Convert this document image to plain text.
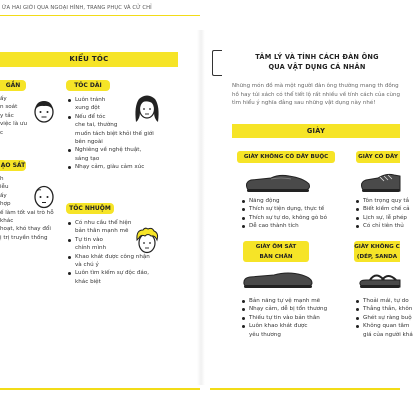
ỮA HAI GIỚI QUA NGOẠI HÌNH, TRANG PHỤC VÀ CỬ CHỈ
KIỂU TÓC
GẮN
ấy
n soát
y tắc
việc là ưu
c
ẠO SÁT
h
iễu
ấy
hợp
ế làm tốt vai trò hỗ
khác
hoạt, khó thay đổi
ị trị truyền thống
TÓC DÀI
Luôn tránh
xung đột
Nếu để tóc
che tai, thường
muốn tách biệt khỏi thế giới
bên ngoài
Nghiêng về nghệ thuật,
sáng tạo
Nhạy cảm, giàu cảm xúc
TÓC NHUỘM
Có nhu cầu thể hiện
bản thân mạnh mẽ
Tự tin vào
chính mình
Khao khát được công nhận
và chú ý
Luôn tìm kiếm sự độc đáo,
khác biệt
TÂM LÝ VÀ TÍNH CÁCH ĐÀN ÔNG
QUA VẬT DỤNG CÁ NHÂN
Những món đồ mà một người đàn ông thường mang th đồng hồ hay túi xách có thể tiết lộ rất nhiều về tính cách của cùng tìm hiểu ý nghĩa đằng sau những vật dụng này nhé!
GIÀY
GIÀY KHÔNG CÓ DÂY BUỘC
Năng động
Thích sự tiện dụng, thực tế
Thích sự tự do, không gò bó
Dễ cao thành tích
GIÀY CÓ DÂY
Tôn trọng quy tắ
Biết kiềm chế cả
Lịch sự, lễ phép
Có chỉ tiên thủ
GIÀY ÔM SÁT
BÀN CHÂN
Bản năng tự vệ mạnh mẽ
Nhạy cảm, dễ bị tổn thương
Thiếu tự tin vào bản thân
Luôn khao khát được
yêu thương
GIÀY KHÔNG C
(DÉP, SANDA
Thoải mái, tự do
Thẳng thắn, khôn
Ghét sự ràng buộ
Không quan tâm
giá của người khá
